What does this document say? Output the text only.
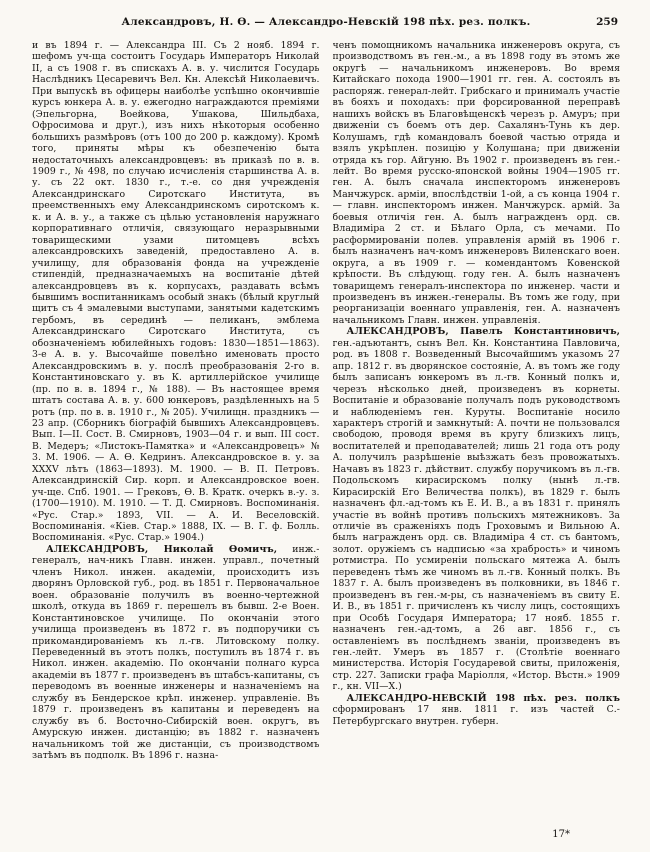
Александровъ, Н. Ө. — Александро-Невскій 198 пѣх. рез. полкъ.	259

и въ 1894 г. — Александра III. Съ 2 нояб. 1894 г. шефомъ уч-ща состоитъ Государь Императоръ Николай II, а съ 1908 г. въ спискахъ А. в. у. числится Государь Наслѣдникъ Цесаревичъ Вел. Кн. Алексѣй Николаевичъ. При выпускѣ въ офицеры наиболѣе успѣшно окончившіе курсъ юнкера А. в. у. ежегодно награждаются преміями (Эпельгорна, Воейкова, Ушакова, Шильдбаха, Офросимова и друг.), изъ нихъ нѣкоторыя особенно большихъ размѣровъ (отъ 100 до 200 р. каждому). Кромѣ того, приняты мѣры къ обезпеченію быта недостаточныхъ александровцевъ: въ приказѣ по в. в. 1909 г., № 498, по случаю исчисленія старшинства А. в. у. съ 22 окт. 1830 г., т.-е. со дня учрежденія Александринскаго Сиротскаго Института, въ преемственныхъ ему Александринскомъ сиротскомъ к. к. и А. в. у., а также съ цѣлью установленія наружнаго корпоративнаго отличія, связующаго неразрывными товарищескими узами питомцевъ всѣхъ александровскихъ заведеній, предоставлено А. в. училищу, для образованія фонда на учрежденіе стипендій, предназначаемыхъ на воспитаніе дѣтей александровцевъ въ к. корпусахъ, раздавать всѣмъ бывшимъ воспитанникамъ особый знакъ (бѣлый круглый щитъ съ 4 эмалевыми выступами, занятыми кадетскимъ гербомъ, въ серединѣ — пеликанъ, эмблема Александринскаго Сиротскаго Института, съ обозначеніемъ юбилейныхъ годовъ: 1830—1851—1863). 3-е А. в. у. Высочайше повелѣно именовать просто Александровскимъ в. у. послѣ преобразованія 2-го в. Константиновскаго у. въ К. артиллерійское училище (пр. по в. в. 1894 г., № 188). — Въ настоящее время штатъ состава А. в. у. 600 юнкеровъ, раздѣленныхъ на 5 ротъ (пр. по в. в. 1910 г., № 205). Училищн. праздникъ — 23 апр. (Сборникъ біографій бывшихъ Александровцевъ. Вып. I—II. Сост. В. Смирновъ, 1903—04 г. и вып. III сост. В. Медеръ; «Листокъ-Памятка» и «Александровецъ» № 3. М. 1906. — А. Ѳ. Кедринъ. Александровское в. у. за XXXV лѣтъ (1863—1893). М. 1900. — В. П. Петровъ. Александринскій Сир. корп. и Александровское воен. уч-ще. Спб. 1901. — Грековъ, Ѳ. В. Кратк. очеркъ в.-у. з. (1700—1910). М. 1910. — Т. Д. Смирновъ. Воспоминанія. «Рус. Стар.» 1893, VII. — А. И. Веселовскій. Воспоминанія. «Кіев. Стар.» 1888, IX. — В. Г. ф. Болль. Воспоминанія. «Рус. Стар.» 1904.)

АЛЕКСАНДРОВЪ, Николай Ѳомичъ, инж.-генералъ, нач-никъ Главн. инжен. управл., почетный членъ Никол. инжен. академіи, происходитъ изъ дворянъ Орловской губ., род. въ 1851 г. Первоначальное воен. образованіе получилъ въ военно-чертежной школѣ, откуда въ 1869 г. перешелъ въ бывш. 2-е Воен. Константиновское училище. По окончаніи этого училища произведенъ въ 1872 г. въ подпоручики съ прикомандированіемъ къ л.-гв. Литовскому полку. Переведенный въ этотъ полкъ, поступилъ въ 1874 г. въ Никол. инжен. академію. По окончаніи полнаго курса академіи въ 1877 г. произведенъ въ штабсъ-капитаны, съ переводомъ въ военные инженеры и назначеніемъ на службу въ Бендерское крѣп. инженер. управленіе. Въ 1879 г. произведенъ въ капитаны и переведенъ на службу въ б. Восточно-Сибирскій воен. округъ, въ Амурскую инжен. дистанцію; въ 1882 г. назначенъ начальникомъ той же дистанціи, съ производствомъ затѣмъ въ подполк. Въ 1896 г. назна-

ченъ помощникомъ начальника инженеровъ округа, съ производствомъ въ ген.-м., а въ 1898 году въ этомъ же округѣ — начальникомъ инженеровъ. Во время Китайскаго похода 1900—1901 гг. ген. А. состоялъ въ распоряж. генерал-лейт. Грибскаго и принималъ участіе въ бояхъ и походахъ: при форсированной переправѣ нашихъ войскъ въ Благовѣщенскѣ черезъ р. Амуръ; при движеніи съ боемъ отъ дер. Сахалянъ-Тунь къ дер. Колушамъ, гдѣ командовалъ боевой частью отряда и взялъ укрѣплен. позицію у Колушана; при движеніи отряда къ гор. Айгуню. Въ 1902 г. произведенъ въ ген.-лейт. Во время русско-японской войны 1904—1905 гг. ген. А. былъ сначала инспекторомъ инженеровъ Манчжурск. арміи, впослѣдствіи 1-ой, а съ конца 1904 г. — главн. инспекторомъ инжен. Манчжурск. армій. За боевыя отличія ген. А. былъ награжденъ орд. св. Владиміра 2 ст. и Бѣлаго Орла, съ мечами. По расформированіи полев. управленія армій въ 1906 г. былъ назначенъ нач-комъ инженеровъ Виленскаго воен. округа, а въ 1909 г. — комендантомъ Ковенской крѣпости. Въ слѣдующ. году ген. А. былъ назначенъ товарищемъ генералъ-инспектора по инженер. части и произведенъ въ инжен.-генералы. Въ томъ же году, при реорганизаціи военнаго управленія, ген. А. назначенъ начальникомъ Главн. инжен. управленія.

АЛЕКСАНДРОВЪ, Павелъ Константиновичъ, ген.-адъютантъ, сынъ Вел. Кн. Константина Павловича, род. въ 1808 г. Возведенный Высочайшимъ указомъ 27 апр. 1812 г. въ дворянское состояніе, А. въ томъ же году былъ записанъ юнкеромъ въ л.-гв. Конный полкъ и, черезъ нѣсколько дней, произведенъ въ корнеты. Воспитаніе и образованіе получалъ подъ руководствомъ и наблюденіемъ ген. Куруты. Воспитаніе носило характеръ строгій и замкнутый: А. почти не пользовался свободою, проводя время въ кругу близкихъ лицъ, воспитателей и преподавателей; лишь 21 года отъ роду А. получилъ разрѣшеніе выѣзжать безъ провожатыхъ. Начавъ въ 1823 г. дѣйствит. службу поручикомъ въ л.-гв. Подольскомъ кирасирскомъ полку (нынѣ л.-гв. Кирасирскій Его Величества полкъ), въ 1829 г. былъ назначенъ фл.-ад-томъ къ Е. И. В., а въ 1831 г. принялъ участіе въ войнѣ противъ польскихъ мятежниковъ. За отличіе въ сраженіяхъ подъ Гроховымъ и Вильною А. былъ награжденъ орд. св. Владиміра 4 ст. съ бантомъ, золот. оружіемъ съ надписью «за храбрость» и чиномъ ротмистра. По усмиреніи польскаго мятежа А. былъ переведенъ тѣмъ же чиномъ въ л.-гв. Конный полкъ. Въ 1837 г. А. былъ произведенъ въ полковники, въ 1846 г. произведенъ въ ген.-м-ры, съ назначеніемъ въ свиту Е. И. В., въ 1851 г. причисленъ къ числу лицъ, состоящихъ при Особѣ Государя Императора; 17 нояб. 1855 г. назначенъ ген.-ад-томъ, а 26 авг. 1856 г., съ оставленіемъ въ послѣднемъ званіи, произведенъ въ ген.-лейт. Умеръ въ 1857 г. (Столѣтіе военнаго министерства. Исторія Государевой свиты, приложенія, стр. 227. Записки графа Маріолля, «Истор. Вѣстн.» 1909 г., кн. VII—X.)

АЛЕКСАНДРО-НЕВСКІЙ 198 пѣх. рез. полкъ сформированъ 17 янв. 1811 г. изъ частей С.-Петербургскаго внутрен. губерн.

17*
